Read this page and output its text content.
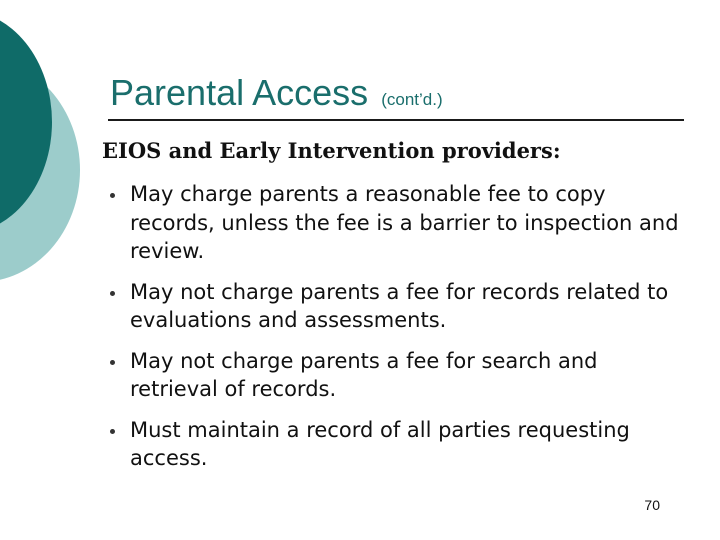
Parental Access (cont’d.)
EIOS and Early Intervention providers:
May charge parents a reasonable fee to copy records, unless the fee is a barrier to inspection and review.
May not charge parents a fee for records related to evaluations and assessments.
May not charge parents a fee for search and retrieval of records.
Must maintain a record of all parties requesting access.
70
